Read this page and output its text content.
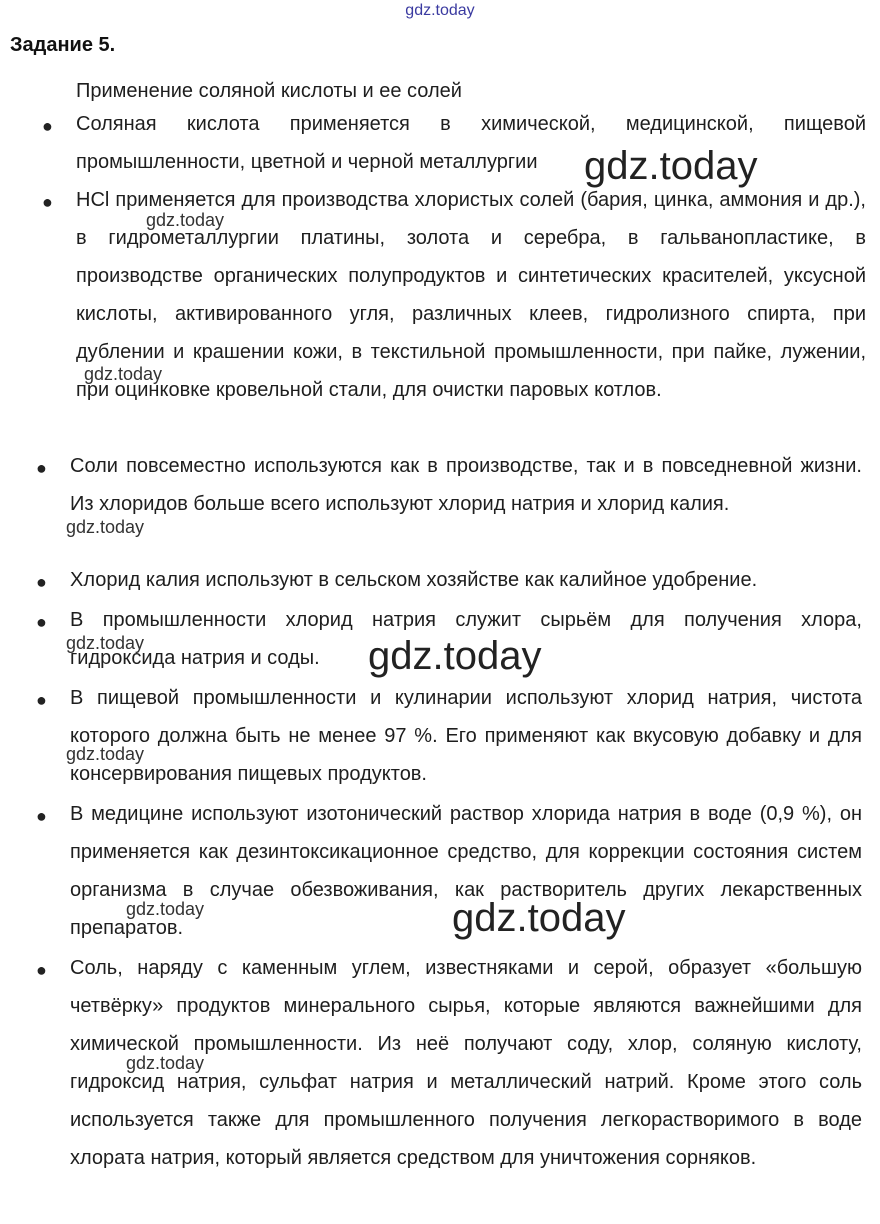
gdz.today
Задание 5.
Применение соляной кислоты и ее солей
● Соляная кислота применяется в химической, медицинской, пищевой промышленности, цветной и черной металлургии
● HCl применяется для производства хлористых солей (бария, цинка, аммония и др.), в гидрометаллургии платины, золота и серебра, в гальванопластике, в производстве органических полупродуктов и синтетических красителей, уксусной кислоты, активированного угля, различных клеев, гидролизного спирта, при дублении и крашении кожи, в текстильной промышленности, при пайке, лужении, при оцинковке кровельной стали, для очистки паровых котлов.
● Соли повсеместно используются как в производстве, так и в повседневной жизни. Из хлоридов больше всего используют хлорид натрия и хлорид калия.
● Хлорид калия используют в сельском хозяйстве как калийное удобрение.
● В промышленности хлорид натрия служит сырьём для получения хлора, гидроксида натрия и соды.
● В пищевой промышленности и кулинарии используют хлорид натрия, чистота которого должна быть не менее 97 %. Его применяют как вкусовую добавку и для консервирования пищевых продуктов.
● В медицине используют изотонический раствор хлорида натрия в воде (0,9 %), он применяется как дезинтоксикационное средство, для коррекции состояния систем организма в случае обезвоживания, как растворитель других лекарственных препаратов.
● Соль, наряду с каменным углем, известняками и серой, образует «большую четвёрку» продуктов минерального сырья, которые являются важнейшими для химической промышленности. Из неё получают соду, хлор, соляную кислоту, гидроксид натрия, сульфат натрия и металлический натрий. Кроме этого соль используется также для промышленного получения легкорастворимого в воде хлората натрия, который является средством для уничтожения сорняков.
gdz.today
gdz.today
gdz.today
gdz.today
gdz.today	gdz.today
gdz.today
gdz.today	gdz.today
gdz.today
